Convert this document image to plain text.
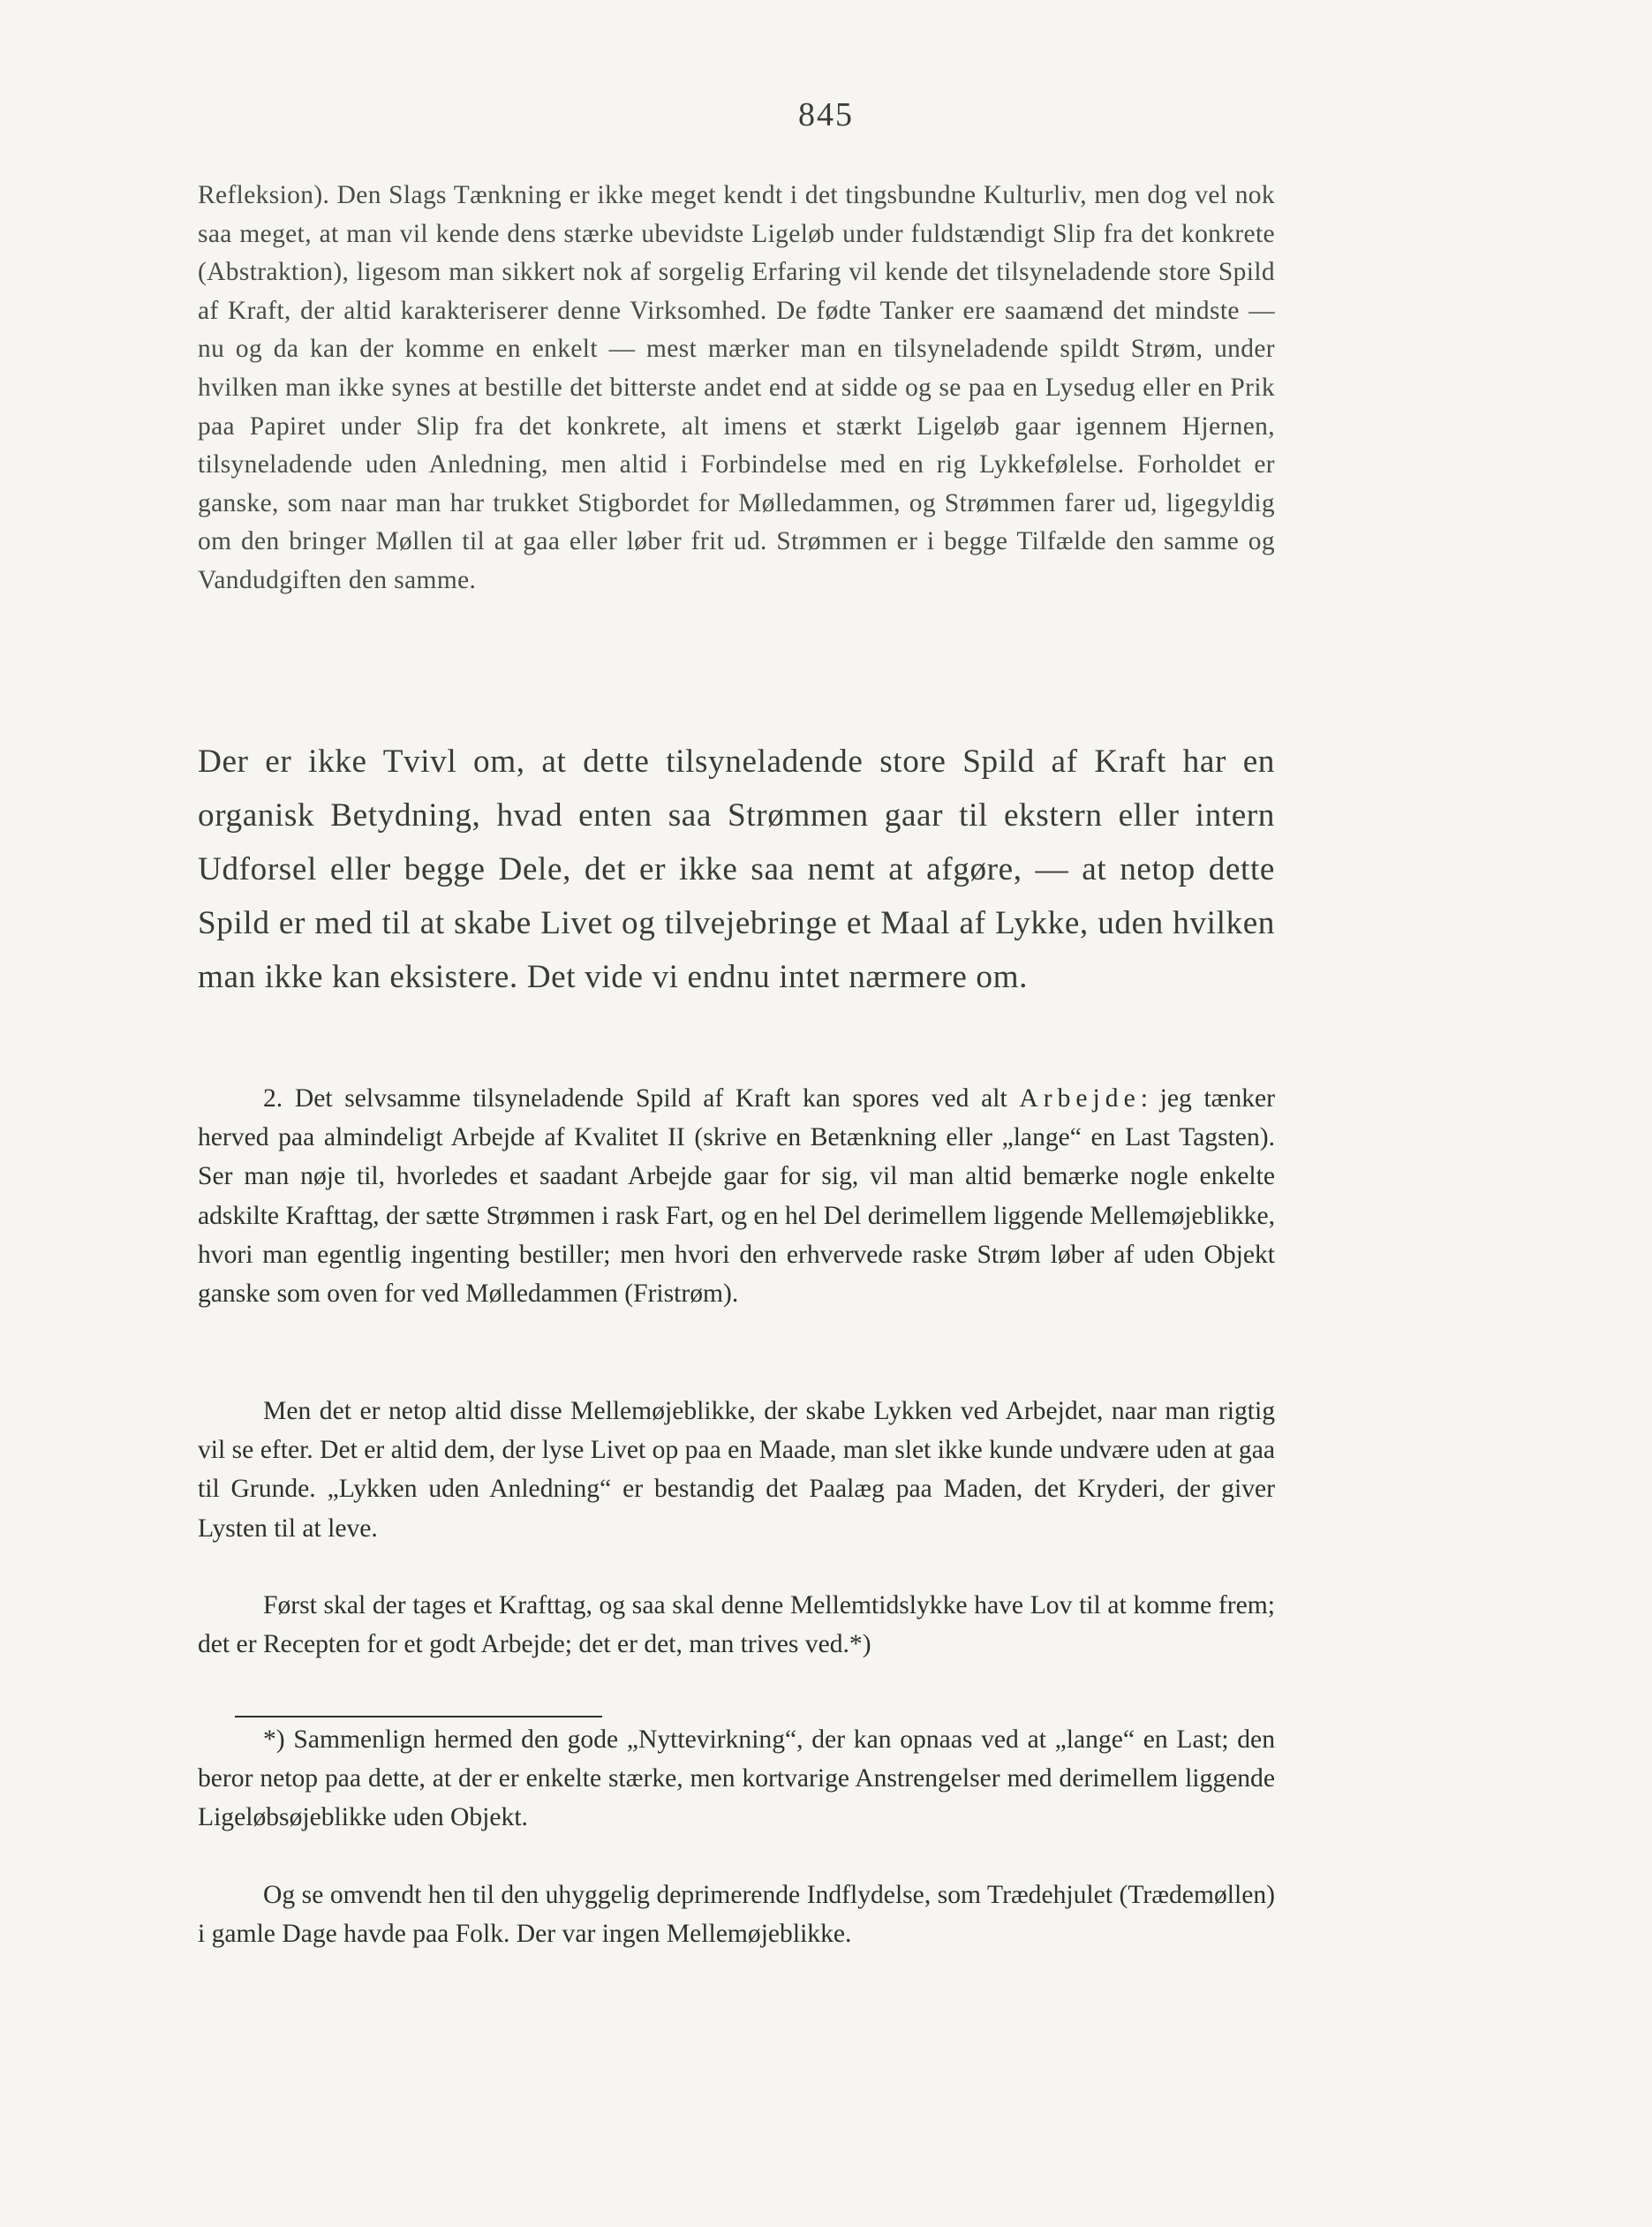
845

Refleksion). Den Slags Tænkning er ikke meget kendt i det tingsbundne Kulturliv, men dog vel nok saa meget, at man vil kende dens stærke ubevidste Ligeløb under fuldstændigt Slip fra det konkrete (Abstraktion), ligesom man sikkert nok af sorgelig Erfaring vil kende det tilsyneladende store Spild af Kraft, der altid karakteriserer denne Virksomhed. De fødte Tanker ere saamænd det mindste — nu og da kan der komme en enkelt — mest mærker man en tilsyneladende spildt Strøm, under hvilken man ikke synes at bestille det bitterste andet end at sidde og se paa en Lysedug eller en Prik paa Papiret under Slip fra det konkrete, alt imens et stærkt Ligeløb gaar igennem Hjernen, tilsyneladende uden Anledning, men altid i Forbindelse med en rig Lykkefølelse. Forholdet er ganske, som naar man har trukket Stigbordet for Mølledammen, og Strømmen farer ud, ligegyldig om den bringer Møllen til at gaa eller løber frit ud. Strømmen er i begge Tilfælde den samme og Vandudgiften den samme.

Der er ikke Tvivl om, at dette tilsyneladende store Spild af Kraft har en organisk Betydning, hvad enten saa Strømmen gaar til ekstern eller intern Udforsel eller begge Dele, det er ikke saa nemt at afgøre, — at netop dette Spild er med til at skabe Livet og tilvejebringe et Maal af Lykke, uden hvilken man ikke kan eksistere. Det vide vi endnu intet nærmere om.

2. Det selvsamme tilsyneladende Spild af Kraft kan spores ved alt Arbejde: jeg tænker herved paa almindeligt Arbejde af Kvalitet II (skrive en Betænkning eller „lange“ en Last Tagsten). Ser man nøje til, hvorledes et saadant Arbejde gaar for sig, vil man altid bemærke nogle enkelte adskilte Krafttag, der sætte Strømmen i rask Fart, og en hel Del derimellem liggende Mellemøjeblikke, hvori man egentlig ingenting bestiller; men hvori den erhvervede raske Strøm løber af uden Objekt ganske som oven for ved Mølledammen (Fristrøm).

Men det er netop altid disse Mellemøjeblikke, der skabe Lykken ved Arbejdet, naar man rigtig vil se efter. Det er altid dem, der lyse Livet op paa en Maade, man slet ikke kunde undvære uden at gaa til Grunde. „Lykken uden Anledning“ er bestandig det Paalæg paa Maden, det Kryderi, der giver Lysten til at leve.

Først skal der tages et Krafttag, og saa skal denne Mellemtidslykke have Lov til at komme frem; det er Recepten for et godt Arbejde; det er det, man trives ved.*)

*) Sammenlign hermed den gode „Nyttevirkning“, der kan opnaas ved at „lange“ en Last; den beror netop paa dette, at der er enkelte stærke, men kortvarige Anstrengelser med derimellem liggende Ligeløbsøjeblikke uden Objekt.

Og se omvendt hen til den uhyggelig deprimerende Indflydelse, som Trædehjulet (Trædemøllen) i gamle Dage havde paa Folk. Der var ingen Mellemøjeblikke.
